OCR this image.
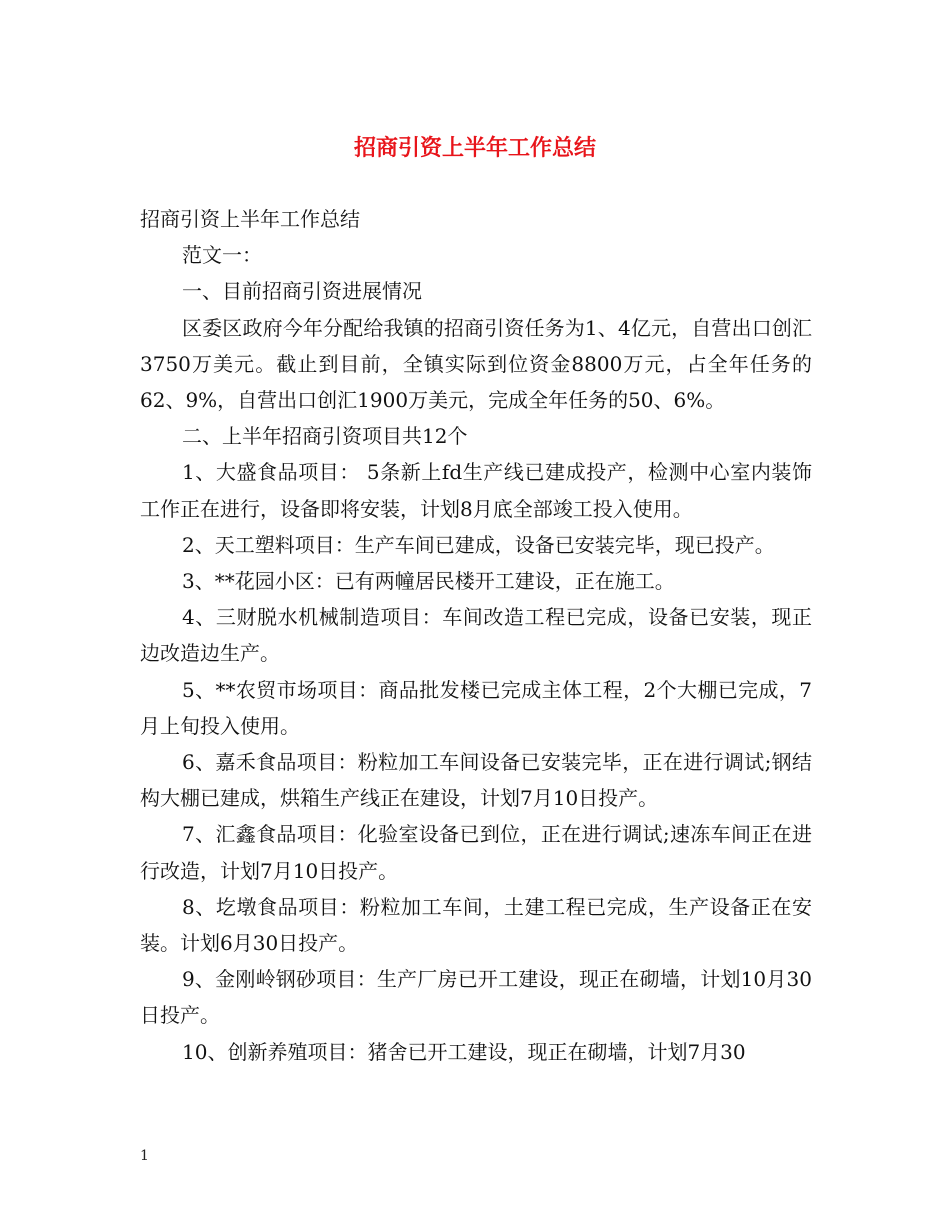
招商引资上半年工作总结

招商引资上半年工作总结

范文一：

一、目前招商引资进展情况

区委区政府今年分配给我镇的招商引资任务为1、4亿元，自营出口创汇3750万美元。截止到目前，全镇实际到位资金8800万元，占全年任务的62、9%，自营出口创汇1900万美元，完成全年任务的50、6%。

二、上半年招商引资项目共12个

1、大盛食品项目： 5条新上fd生产线已建成投产，检测中心室内装饰工作正在进行，设备即将安装，计划8月底全部竣工投入使用。

2、天工塑料项目：生产车间已建成，设备已安装完毕，现已投产。

3、**花园小区：已有两幢居民楼开工建设，正在施工。

4、三财脱水机械制造项目：车间改造工程已完成，设备已安装，现正边改造边生产。

5、**农贸市场项目：商品批发楼已完成主体工程，2个大棚已完成，7月上旬投入使用。

6、嘉禾食品项目：粉粒加工车间设备已安装完毕，正在进行调试;钢结构大棚已建成，烘箱生产线正在建设，计划7月10日投产。

7、汇鑫食品项目：化验室设备已到位，正在进行调试;速冻车间正在进行改造，计划7月10日投产。

8、圪墩食品项目：粉粒加工车间，土建工程已完成，生产设备正在安装。计划6月30日投产。

9、金刚岭钢砂项目：生产厂房已开工建设，现正在砌墙，计划10月30日投产。

10、创新养殖项目：猪舍已开工建设，现正在砌墙，计划7月30

1
